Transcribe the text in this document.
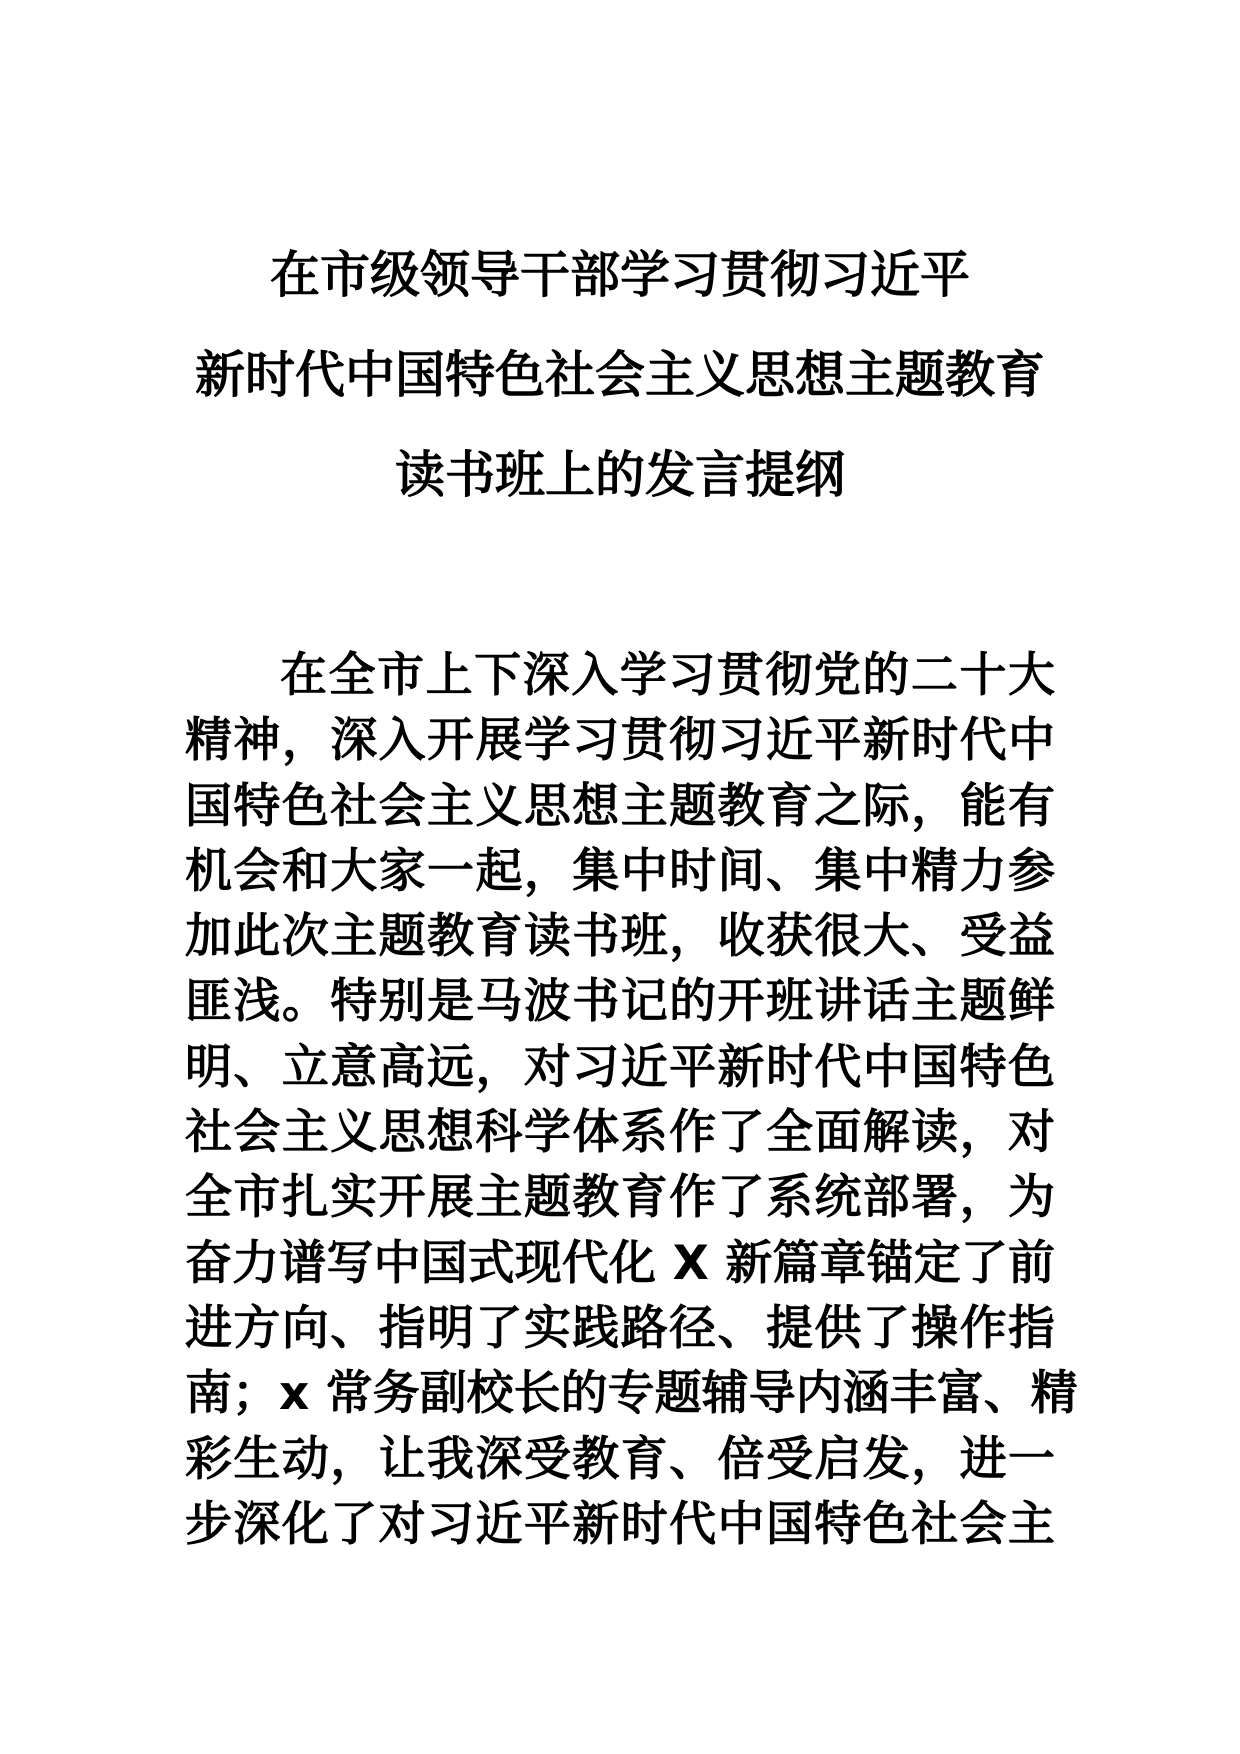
在市级领导干部学习贯彻习近平
新时代中国特色社会主义思想主题教育
读书班上的发言提纲
在全市上下深入学习贯彻党的二十大
精神，深入开展学习贯彻习近平新时代中
国特色社会主义思想主题教育之际，能有
机会和大家一起，集中时间、集中精力参
加此次主题教育读书班，收获很大、受益
匪浅。特别是马波书记的开班讲话主题鲜
明、立意高远，对习近平新时代中国特色
社会主义思想科学体系作了全面解读，对
全市扎实开展主题教育作了系统部署，为
奋力谱写中国式现代化 X 新篇章锚定了前
进方向、指明了实践路径、提供了操作指
南；x 常务副校长的专题辅导内涵丰富、精
彩生动，让我深受教育、倍受启发，进一
步深化了对习近平新时代中国特色社会主
